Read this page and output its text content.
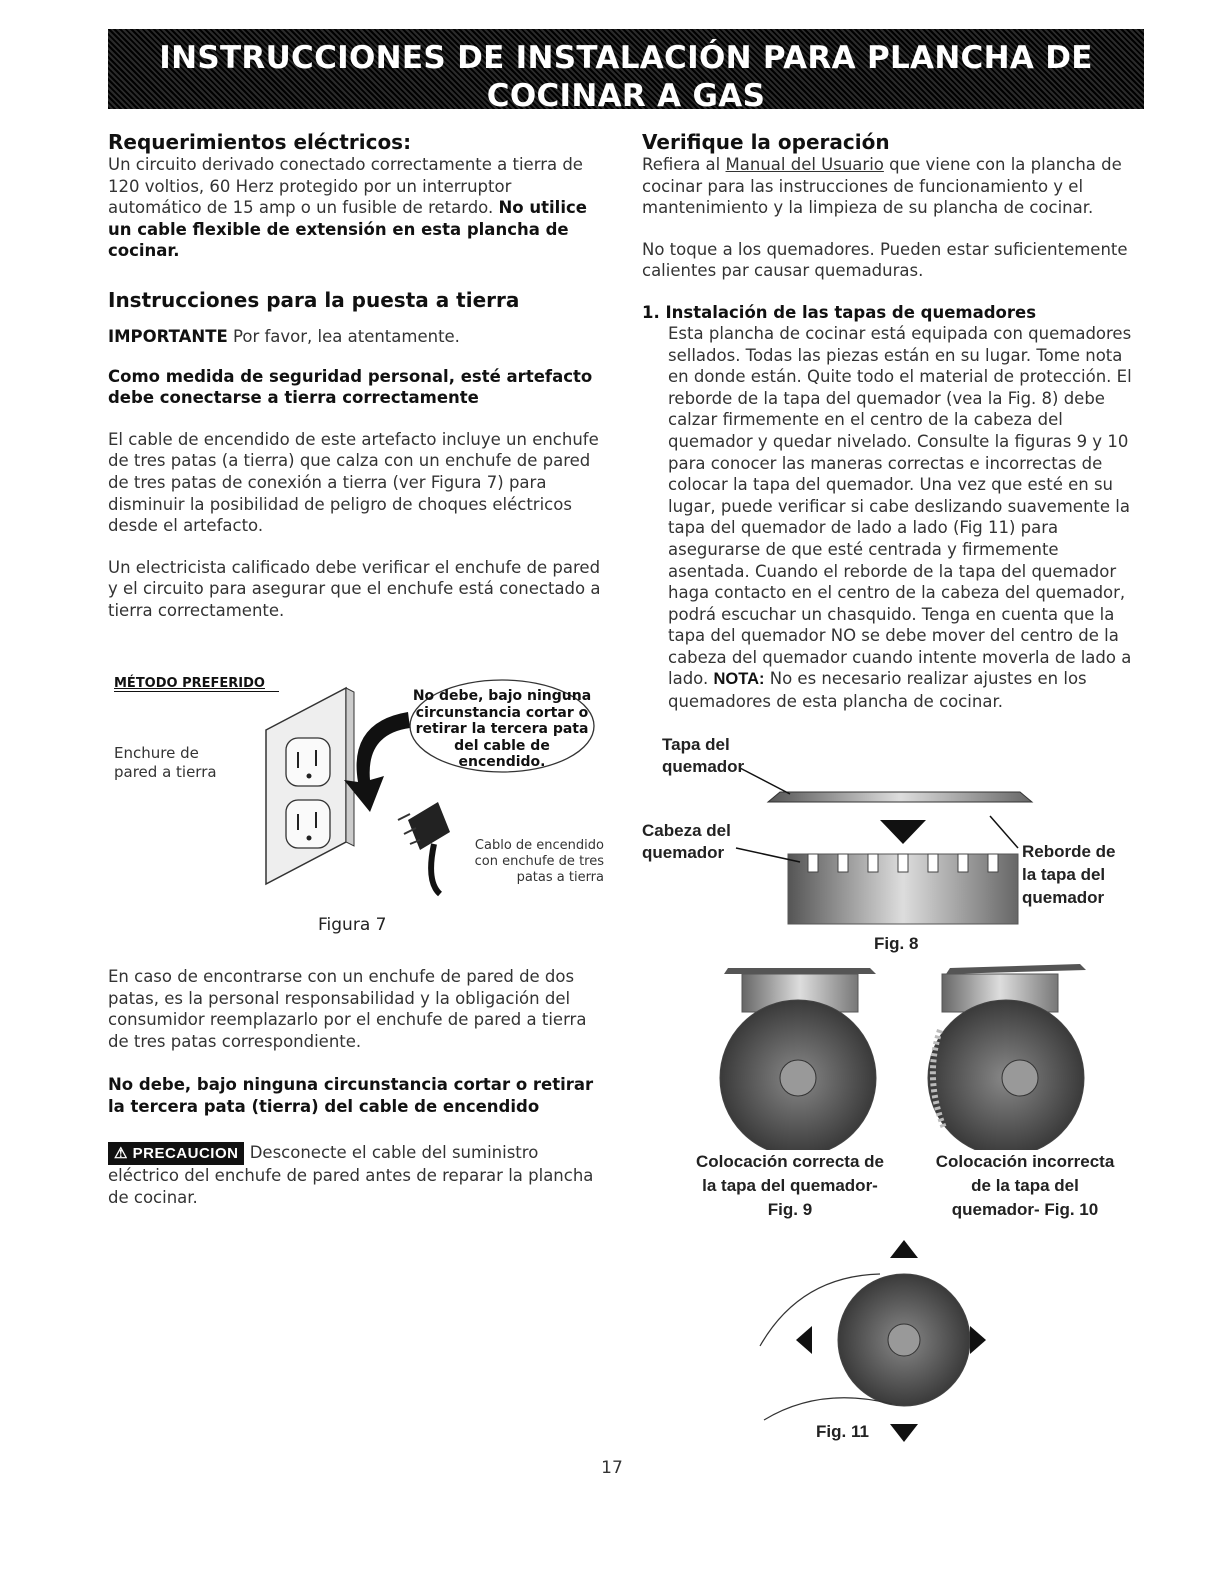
INSTRUCCIONES DE INSTALACIÓN PARA PLANCHA DE COCINAR A GAS
(Para modelos de 30 & 36)
Requerimientos eléctricos:

Un circuito derivado conectado correctamente a tierra de 120 voltios, 60 Herz protegido por un interruptor automático de 15 amp o un fusible de retardo. No utilice un cable flexible de extensión en esta plancha de cocinar.

Instrucciones para la puesta a tierra

IMPORTANTE Por favor, lea atentamente.

Como medida de seguridad personal, esté artefacto debe conectarse a tierra correctamente

El cable de encendido de este artefacto incluye un enchufe de tres patas (a tierra) que calza con un enchufe de pared de tres patas de conexión a tierra (ver Figura 7) para disminuir la posibilidad de peligro de choques eléctricos desde el artefacto.

Un electricista calificado debe verificar el enchufe de pared y el circuito para asegurar que el enchufe está conectado a tierra correctamente.

MÉTODO PREFERIDO
Enchure de
pared a tierra
No debe, bajo ninguna
circunstancia cortar o
retirar la tercera pata
del cable de
encendido.
Cablo de encendido
con enchufe de tres
patas a tierra
Figura 7

En caso de encontrarse con un enchufe de pared de dos patas, es la personal responsabilidad y la obligación del consumidor reemplazarlo por el enchufe de pared a tierra de tres patas correspondiente.

No debe, bajo ninguna circunstancia cortar o retirar la tercera pata (tierra) del cable de encendido

⚠ PRECAUCION Desconecte el cable del suministro eléctrico del enchufe de pared antes de reparar la plancha de cocinar.

Verifique la operación

Refiera al Manual del Usuario que viene con la plancha de cocinar para las instrucciones de funcionamiento y el mantenimiento y la limpieza de su plancha de cocinar.

No toque a los quemadores. Pueden estar suficientemente calientes par causar quemaduras.

1. Instalación de las tapas de quemadores

Esta plancha de cocinar está equipada con quemadores sellados. Todas las piezas están en su lugar. Tome nota en donde están. Quite todo el material de protección. El reborde de la tapa del quemador (vea la Fig. 8) debe calzar firmemente en el centro de la cabeza del quemador y quedar nivelado. Consulte la figuras 9 y 10 para conocer las maneras correctas e incorrectas de colocar la tapa del quemador. Una vez que esté en su lugar, puede verificar si cabe deslizando suavemente la tapa del quemador de lado a lado (Fig 11) para asegurarse de que esté centrada y firmemente asentada. Cuando el reborde de la tapa del quemador haga contacto en el centro de la cabeza del quemador, podrá escuchar un chasquido. Tenga en cuenta que la tapa del quemador NO se debe mover del centro de la cabeza del quemador cuando intente moverla de lado a lado. NOTA: No es necesario realizar ajustes en los quemadores de esta plancha de cocinar.

Tapa del
quemador
Cabeza del
quemador	Reborde de
la tapa del
quemador
Fig. 8
Colocación correcta de
la tapa del quemador-
Fig. 9
Colocación incorrecta
de la tapa del
quemador- Fig. 10
Fig. 11
17
